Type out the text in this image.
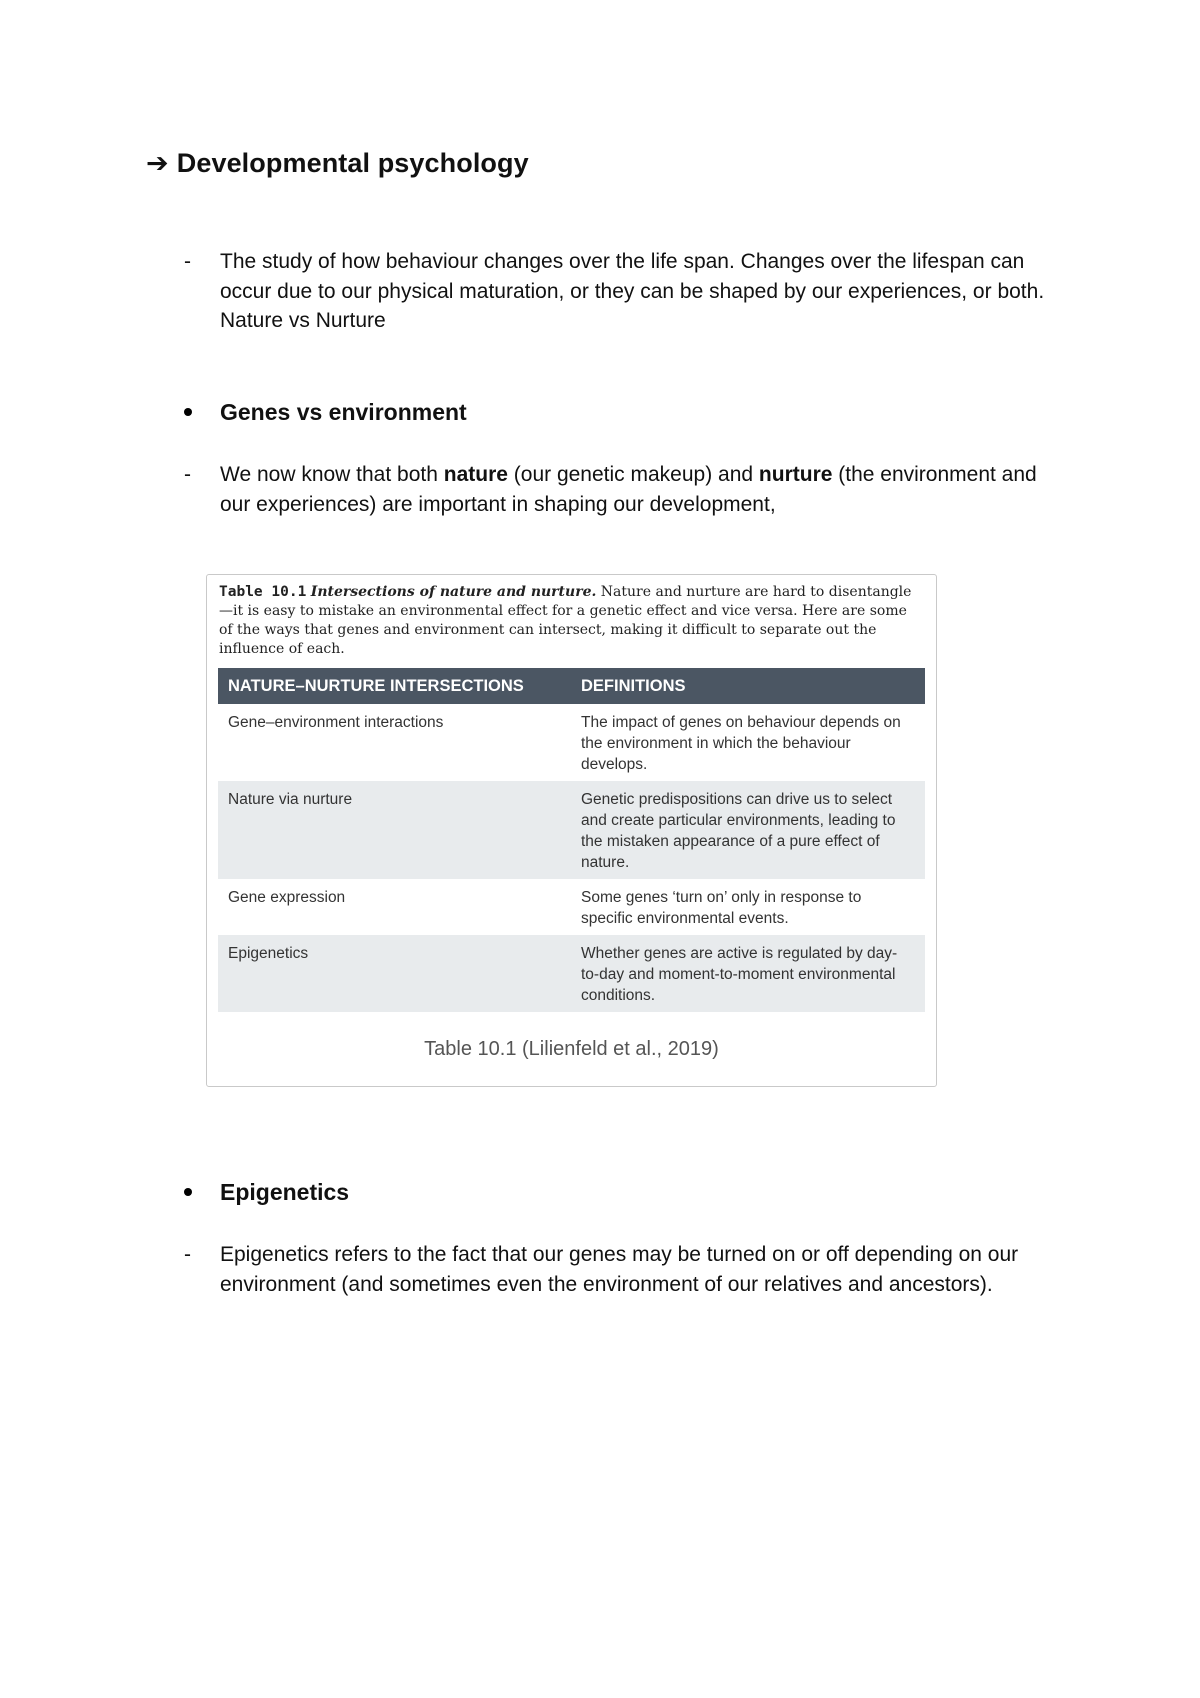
➔ Developmental psychology
- The study of how behaviour changes over the life span. Changes over the lifespan can occur due to our physical maturation, or they can be shaped by our experiences, or both. Nature vs Nurture
Genes vs environment
- We now know that both nature (our genetic makeup) and nurture (the environment and our experiences) are important in shaping our development,
Table 10.1 Intersections of nature and nurture. Nature and nurture are hard to disentangle—it is easy to mistake an environmental effect for a genetic effect and vice versa. Here are some of the ways that genes and environment can intersect, making it difficult to separate out the influence of each.
NATURE–NURTURE INTERSECTIONS	DEFINITIONS
Gene–environment interactions	The impact of genes on behaviour depends on the environment in which the behaviour develops.
Nature via nurture	Genetic predispositions can drive us to select and create particular environments, leading to the mistaken appearance of a pure effect of nature.
Gene expression	Some genes ‘turn on’ only in response to specific environmental events.
Epigenetics	Whether genes are active is regulated by day-to-day and moment-to-moment environmental conditions.
Table 10.1 (Lilienfeld et al., 2019)
Epigenetics
- Epigenetics refers to the fact that our genes may be turned on or off depending on our environment (and sometimes even the environment of our relatives and ancestors).
